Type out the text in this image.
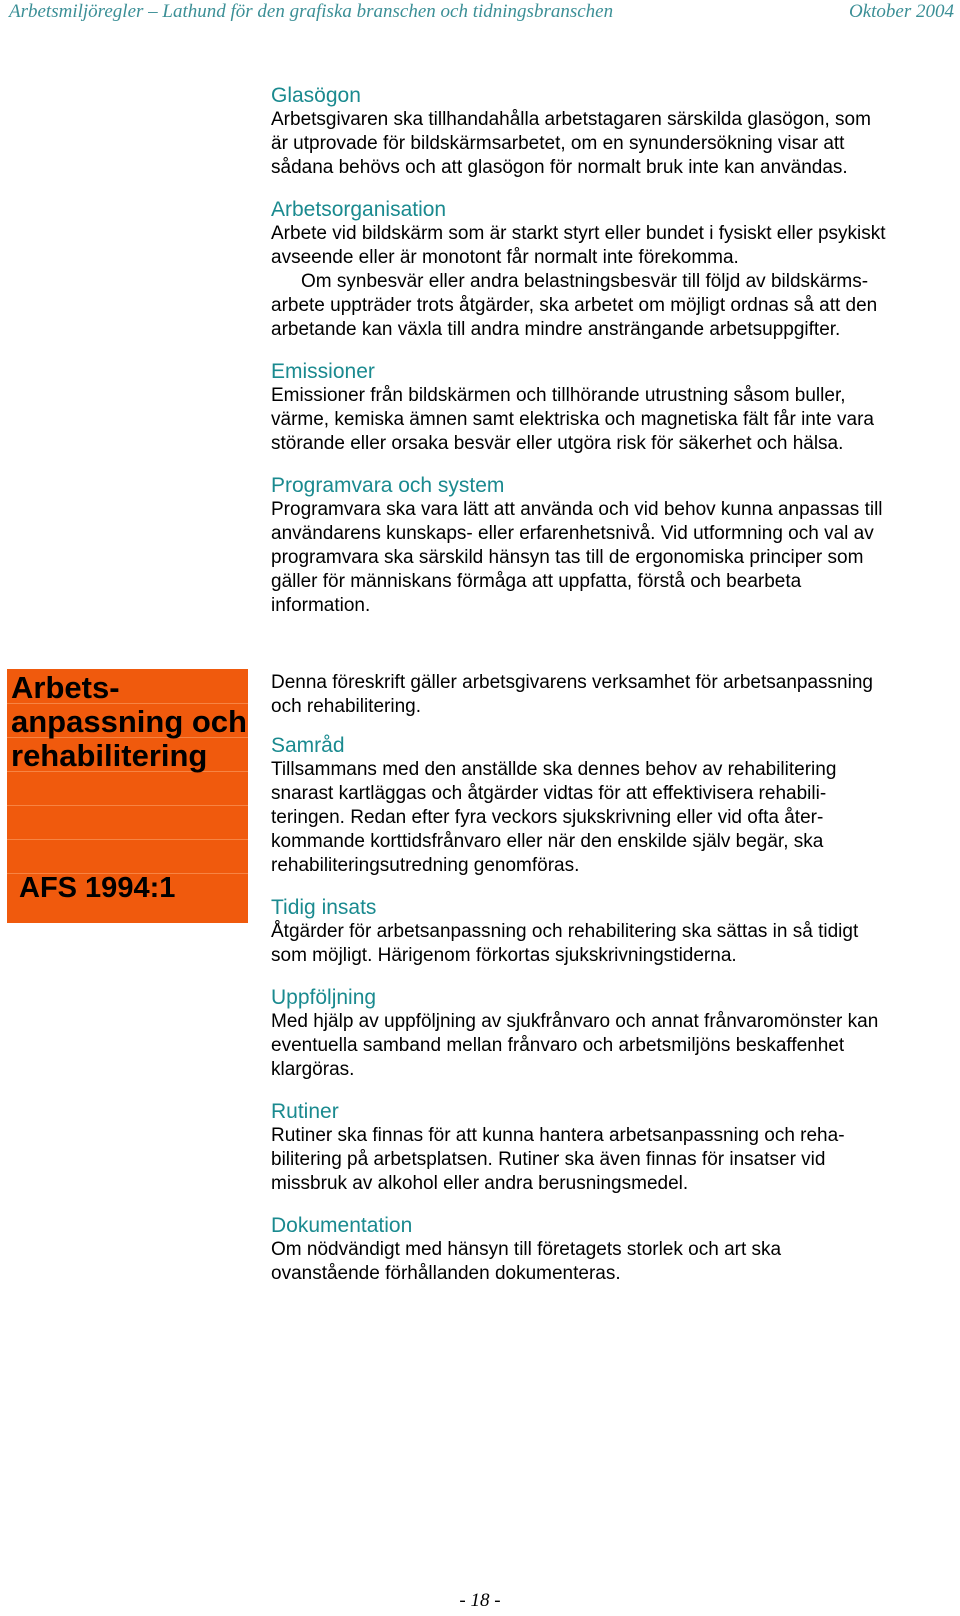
Arbetsmiljöregler – Lathund för den grafiska branschen och tidningsbranschen	Oktober 2004
Glasögon

Arbetsgivaren ska tillhandahålla arbetstagaren särskilda glasögon, som

är utprovade för bildskärmsarbetet, om en synundersökning visar att

sådana behövs och att glasögon för normalt bruk inte kan användas.

Arbetsorganisation

Arbete vid bildskärm som är starkt styrt eller bundet i fysiskt eller psykiskt

avseende eller är monotont får normalt inte förekomma.

Om synbesvär eller andra belastningsbesvär till följd av bildskärms-

arbete uppträder trots åtgärder, ska arbetet om möjligt ordnas så att den

arbetande kan växla till andra mindre ansträngande arbetsuppgifter.

Emissioner

Emissioner från bildskärmen och tillhörande utrustning såsom buller,

värme, kemiska ämnen samt elektriska och magnetiska fält får inte vara

störande eller orsaka besvär eller utgöra risk för säkerhet och hälsa.

Programvara och system

Programvara ska vara lätt att använda och vid behov kunna anpassas till

användarens kunskaps- eller erfarenhetsnivå. Vid utformning och val av

programvara ska särskild hänsyn tas till de ergonomiska principer som

gäller för människans förmåga att uppfatta, förstå och bearbeta

information.

Arbets-
anpassning och
rehabilitering
AFS 1994:1

Denna föreskrift gäller arbetsgivarens verksamhet för arbetsanpassning

och rehabilitering.

Samråd

Tillsammans med den anställde ska dennes behov av rehabilitering

snarast kartläggas och åtgärder vidtas för att effektivisera rehabili-

teringen. Redan efter fyra veckors sjukskrivning eller vid ofta åter-

kommande korttidsfrånvaro eller när den enskilde själv begär, ska

rehabiliteringsutredning genomföras.

Tidig insats

Åtgärder för arbetsanpassning och rehabilitering ska sättas in så tidigt

som möjligt. Härigenom förkortas sjukskrivningstiderna.

Uppföljning

Med hjälp av uppföljning av sjukfrånvaro och annat frånvaromönster kan

eventuella samband mellan frånvaro och arbetsmiljöns beskaffenhet

klargöras.

Rutiner

Rutiner ska finnas för att kunna hantera arbetsanpassning och reha-

bilitering på arbetsplatsen. Rutiner ska även finnas för insatser vid

missbruk av alkohol eller andra berusningsmedel.

Dokumentation

Om nödvändigt med hänsyn till företagets storlek och art ska

ovanstående förhållanden dokumenteras.

- 18 -
